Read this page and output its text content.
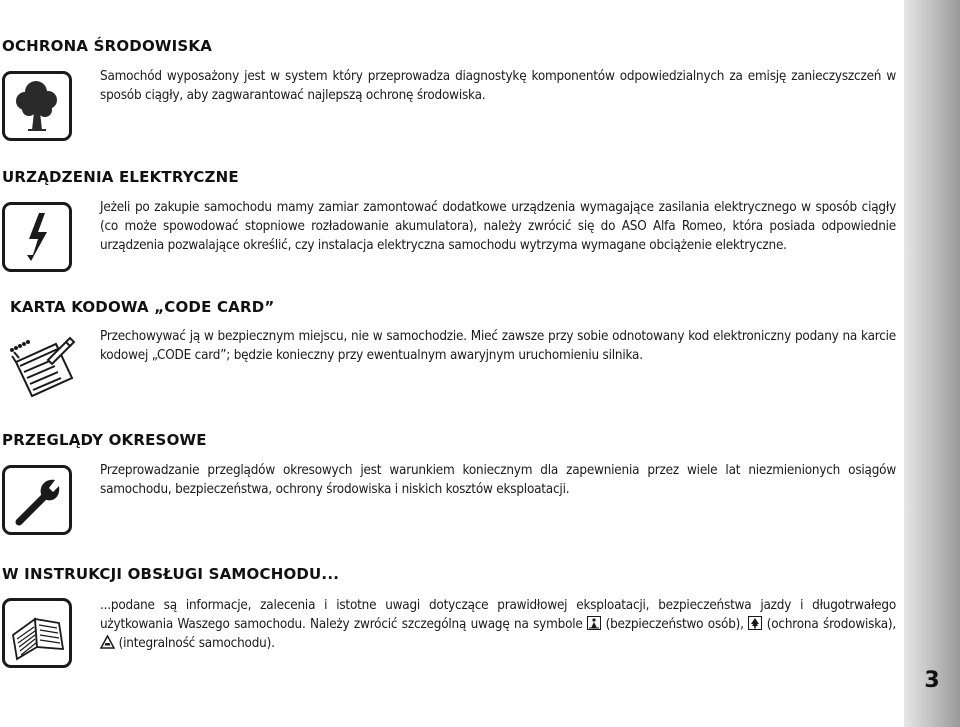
OCHRONA ŚRODOWISKA

Samochód wyposażony jest w system który przeprowadza diagnostykę komponentów odpowiedzialnych za emisję zanieczyszczeń w sposób ciągły, aby zagwarantować najlepszą ochronę środowiska.

URZĄDZENIA ELEKTRYCZNE

Jeżeli po zakupie samochodu mamy zamiar zamontować dodatkowe urządzenia wymagające zasilania elektrycznego w sposób ciągły (co może spowodować stopniowe rozładowanie akumulatora), należy zwrócić się do ASO Alfa Romeo, która posiada odpowiednie urządzenia pozwalające określić, czy instalacja elektryczna samochodu wytrzyma wymagane obciążenie elektryczne.

KARTA KODOWA „CODE CARD”

Przechowywać ją w bezpiecznym miejscu, nie w samochodzie. Mieć zawsze przy sobie odnotowany kod elektroniczny podany na karcie kodowej „CODE card”; będzie konieczny przy ewentualnym awaryjnym uruchomieniu silnika.

PRZEGLĄDY OKRESOWE

Przeprowadzanie przeglądów okresowych jest warunkiem koniecznym dla zapewnienia przez wiele lat niezmienionych osiągów samochodu, bezpieczeństwa, ochrony środowiska i niskich kosztów eksploatacji.

W INSTRUKCJI OBSŁUGI SAMOCHODU...

...podane są informacje, zalecenia i istotne uwagi dotyczące prawidłowej eksploatacji, bezpieczeństwa jazdy i długotrwałego użytkowania Waszego samochodu. Należy zwrócić szczególną uwagę na symbole (bezpieczeństwo osób), (ochrona środowiska),
(integralność samochodu).

3
